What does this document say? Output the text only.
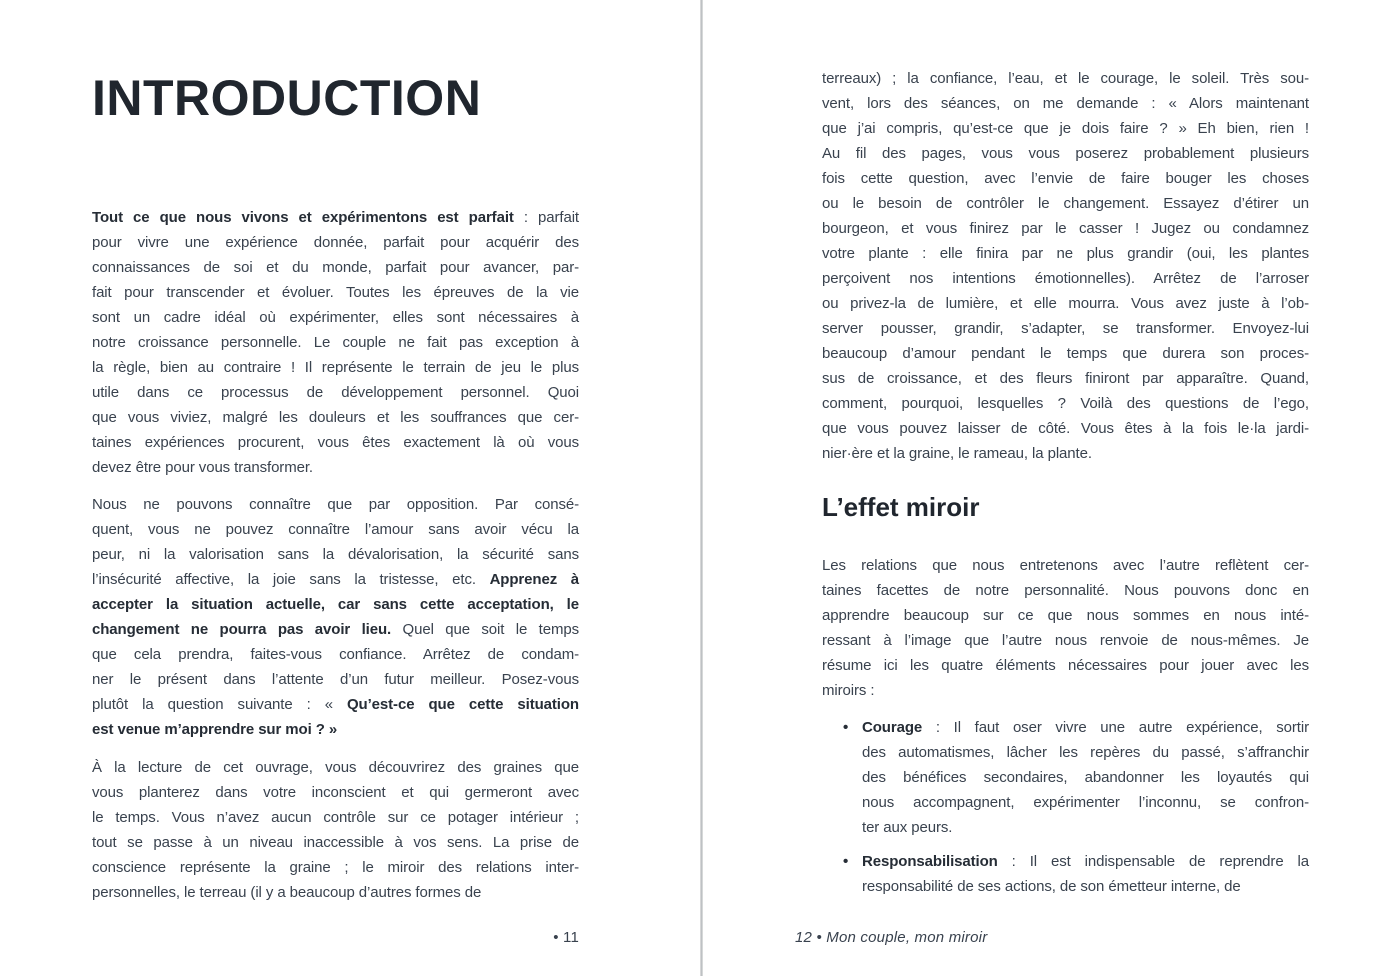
INTRODUCTION
Tout ce que nous vivons et expérimentons est parfait : parfait
pour vivre une expérience donnée, parfait pour acquérir des
connaissances de soi et du monde, parfait pour avancer, par-
fait pour transcender et évoluer. Toutes les épreuves de la vie
sont un cadre idéal où expérimenter, elles sont nécessaires à
notre croissance personnelle. Le couple ne fait pas exception à
la règle, bien au contraire ! Il représente le terrain de jeu le plus
utile dans ce processus de développement personnel. Quoi
que vous viviez, malgré les douleurs et les souffrances que cer-
taines expériences procurent, vous êtes exactement là où vous
devez être pour vous transformer.
Nous ne pouvons connaître que par opposition. Par consé-
quent, vous ne pouvez connaître l’amour sans avoir vécu la
peur, ni la valorisation sans la dévalorisation, la sécurité sans
l’insécurité affective, la joie sans la tristesse, etc. Apprenez à
accepter la situation actuelle, car sans cette acceptation, le
changement ne pourra pas avoir lieu. Quel que soit le temps
que cela prendra, faites-vous confiance. Arrêtez de condam-
ner le présent dans l’attente d’un futur meilleur. Posez-vous
plutôt la question suivante : « Qu’est-ce que cette situation
est venue m’apprendre sur moi ? »
À la lecture de cet ouvrage, vous découvrirez des graines que
vous planterez dans votre inconscient et qui germeront avec
le temps. Vous n’avez aucun contrôle sur ce potager intérieur ;
tout se passe à un niveau inaccessible à vos sens. La prise de
conscience représente la graine ; le miroir des relations inter-
personnelles, le terreau (il y a beaucoup d’autres formes de
• 11
terreaux) ; la confiance, l’eau, et le courage, le soleil. Très sou-
vent, lors des séances, on me demande : « Alors maintenant
que j’ai compris, qu’est-ce que je dois faire ? » Eh bien, rien !
Au fil des pages, vous vous poserez probablement plusieurs
fois cette question, avec l’envie de faire bouger les choses
ou le besoin de contrôler le changement. Essayez d’étirer un
bourgeon, et vous finirez par le casser ! Jugez ou condamnez
votre plante : elle finira par ne plus grandir (oui, les plantes
perçoivent nos intentions émotionnelles). Arrêtez de l’arroser
ou privez-la de lumière, et elle mourra. Vous avez juste à l’ob-
server pousser, grandir, s’adapter, se transformer. Envoyez-lui
beaucoup d’amour pendant le temps que durera son proces-
sus de croissance, et des fleurs finiront par apparaître. Quand,
comment, pourquoi, lesquelles ? Voilà des questions de l’ego,
que vous pouvez laisser de côté. Vous êtes à la fois le·la jardi-
nier·ère et la graine, le rameau, la plante.
L’effet miroir
Les relations que nous entretenons avec l’autre reflètent cer-
taines facettes de notre personnalité. Nous pouvons donc en
apprendre beaucoup sur ce que nous sommes en nous inté-
ressant à l’image que l’autre nous renvoie de nous-mêmes. Je
résume ici les quatre éléments nécessaires pour jouer avec les
miroirs :
• Courage : Il faut oser vivre une autre expérience, sortir
des automatismes, lâcher les repères du passé, s’affranchir
des bénéfices secondaires, abandonner les loyautés qui
nous accompagnent, expérimenter l’inconnu, se confron-
ter aux peurs.
• Responsabilisation : Il est indispensable de reprendre la
responsabilité de ses actions, de son émetteur interne, de
12 • Mon couple, mon miroir
